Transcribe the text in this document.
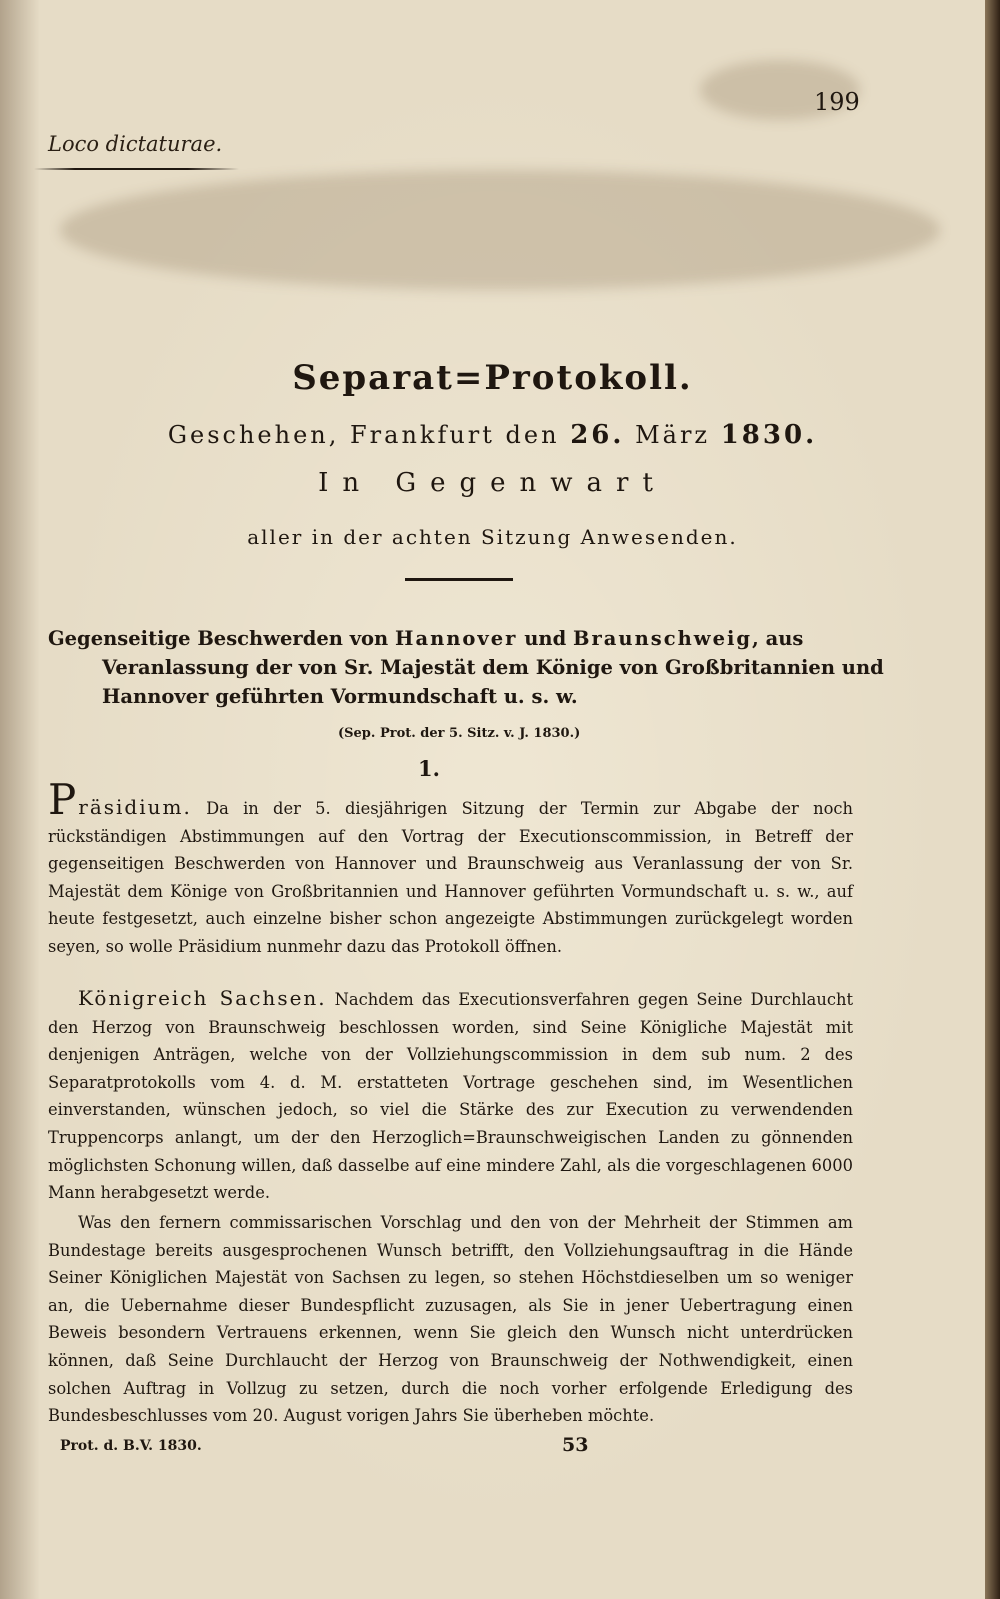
Loco dictaturae.
199
Separat=Protokoll.
Geschehen, Frankfurt den 26. März 1830.
In Gegenwart
aller in der achten Sitzung Anwesenden.
Gegenseitige Beschwerden von Hannover und Braunschweig, aus Veranlassung der von Sr. Majestät dem Könige von Großbritannien und Hannover geführten Vormundschaft u. s. w.
(Sep. Prot. der 5. Sitz. v. J. 1830.)
1.

Präsidium. Da in der 5. diesjährigen Sitzung der Termin zur Abgabe der noch rückständigen Abstimmungen auf den Vortrag der Executionscommission, in Betreff der gegenseitigen Beschwerden von Hannover und Braunschweig aus Veranlassung der von Sr. Majestät dem Könige von Großbritannien und Hannover geführten Vormundschaft u. s. w., auf heute festgesetzt, auch einzelne bisher schon angezeigte Abstimmungen zurückgelegt worden seyen, so wolle Präsidium nunmehr dazu das Protokoll öffnen.

Königreich Sachsen. Nachdem das Executionsverfahren gegen Seine Durchlaucht den Herzog von Braunschweig beschlossen worden, sind Seine Königliche Majestät mit denjenigen Anträgen, welche von der Vollziehungscommission in dem sub num. 2 des Separatprotokolls vom 4. d. M. erstatteten Vortrage geschehen sind, im Wesentlichen einverstanden, wünschen jedoch, so viel die Stärke des zur Execution zu verwendenden Truppencorps anlangt, um der den Herzoglich=Braunschweigischen Landen zu gönnenden möglichsten Schonung willen, daß dasselbe auf eine mindere Zahl, als die vorgeschlagenen 6000 Mann herabgesetzt werde.

Was den fernern commissarischen Vorschlag und den von der Mehrheit der Stimmen am Bundestage bereits ausgesprochenen Wunsch betrifft, den Vollziehungsauftrag in die Hände Seiner Königlichen Majestät von Sachsen zu legen, so stehen Höchstdieselben um so weniger an, die Uebernahme dieser Bundespflicht zuzusagen, als Sie in jener Uebertragung einen Beweis besondern Vertrauens erkennen, wenn Sie gleich den Wunsch nicht unterdrücken können, daß Seine Durchlaucht der Herzog von Braunschweig der Nothwendigkeit, einen solchen Auftrag in Vollzug zu setzen, durch die noch vorher erfolgende Erledigung des Bundesbeschlusses vom 20. August vorigen Jahrs Sie überheben möchte.

Prot. d. B.V. 1830.	53
